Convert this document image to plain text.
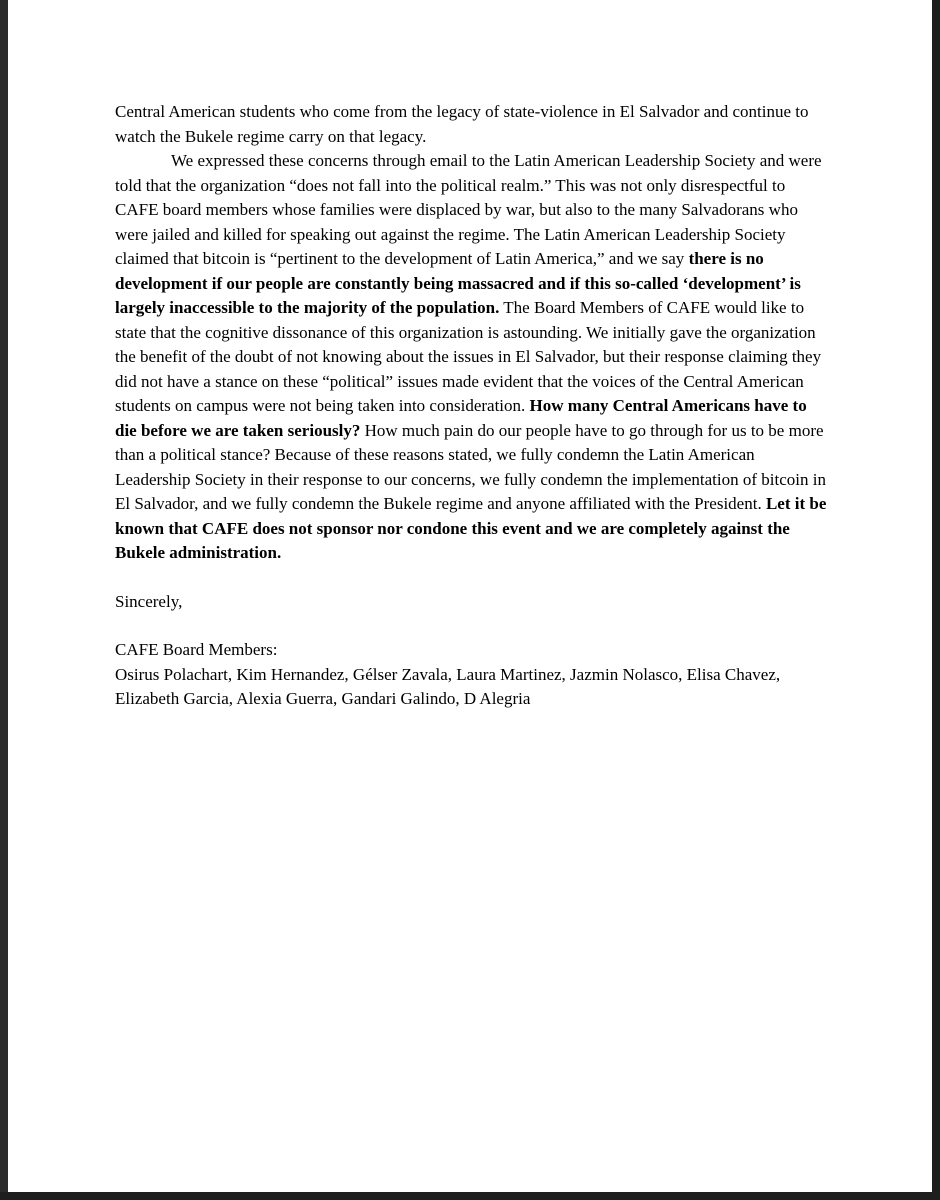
Central American students who come from the legacy of state-violence in El Salvador and continue to watch the Bukele regime carry on that legacy.

We expressed these concerns through email to the Latin American Leadership Society and were told that the organization “does not fall into the political realm.” This was not only disrespectful to CAFE board members whose families were displaced by war, but also to the many Salvadorans who were jailed and killed for speaking out against the regime. The Latin American Leadership Society claimed that bitcoin is “pertinent to the development of Latin America,” and we say there is no development if our people are constantly being massacred and if this so-called ‘development’ is largely inaccessible to the majority of the population. The Board Members of CAFE would like to state that the cognitive dissonance of this organization is astounding. We initially gave the organization the benefit of the doubt of not knowing about the issues in El Salvador, but their response claiming they did not have a stance on these “political” issues made evident that the voices of the Central American students on campus were not being taken into consideration. How many Central Americans have to die before we are taken seriously? How much pain do our people have to go through for us to be more than a political stance? Because of these reasons stated, we fully condemn the Latin American Leadership Society in their response to our concerns, we fully condemn the implementation of bitcoin in El Salvador, and we fully condemn the Bukele regime and anyone affiliated with the President. Let it be known that CAFE does not sponsor nor condone this event and we are completely against the Bukele administration.

Sincerely,

CAFE Board Members:

Osirus Polachart, Kim Hernandez, Gélser Zavala, Laura Martinez, Jazmin Nolasco, Elisa Chavez, Elizabeth Garcia, Alexia Guerra, Gandari Galindo, D Alegria
